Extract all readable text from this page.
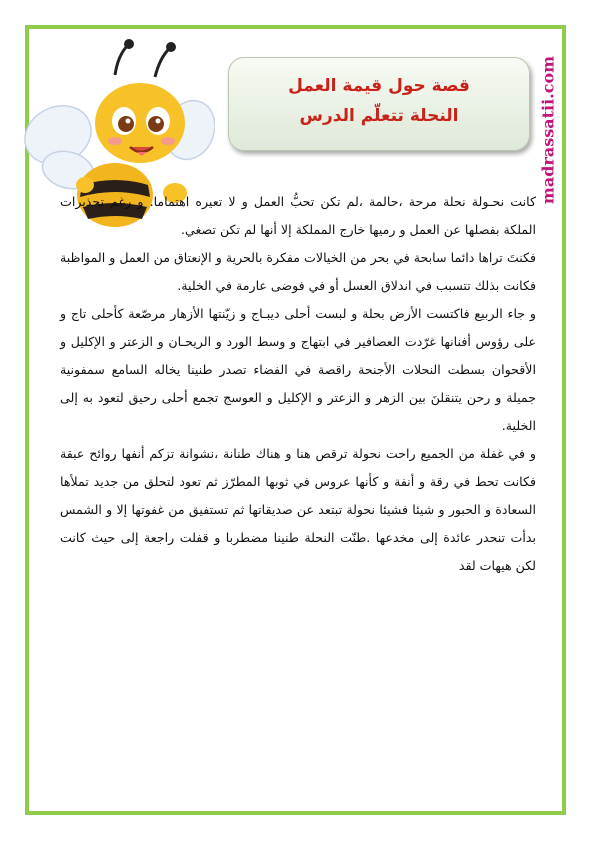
madrassatii.com
قصة حول قيمة العمل
النحلة تتعلّم الدرس

كانت نحـولة نحلة مرحة ،حالمة ،لم تكن تحبُّ العمل و لا تعيره اهتماما. و رغم تحذيرات الملكة بفصلها عن العمل و رميها خارج المملكة إلا أنها لم تكن تصغي.

فكنتَ تراها دائما سابحة في بحر من الخيالات مفكرة بالحرية و الإنعتاق من العمل و المواظبة فكانت بذلك تتسبب في اندلاق العسل أو في فوضى عارمة في الخلية.

و جاء الربيع فاكتست الأرض بحلة و لبست أحلى ديبـاج و زيّنتها الأزهار مرصّعة كأحلى تاج و على رؤوس أفنانها غرّدت العصافير في ابتهاج و وسط الورد و الريحـان و الزعتر و الإكليل و الأقحوان بسطت النحلات الأجنحة راقصة في الفضاء تصدر طنينا يخاله السامع سمفونية جميلة و رحن يتنقلنَ بين الزهر و الزعتر و الإكليل و العوسج تجمع أحلى رحيق لتعود به إلى الخلية.

و في غفلة من الجميع راحت نحولة ترقص هنا و هناك طنانة ،نشوانة تزكم أنفها روائح عبقة فكانت تحط في رقة و أنفة و كأنها عروس في ثوبها المطرّز ثم تعود لتحلق من جديد تملأها السعادة و الحبور و شيئا فشيئا نحولة تبتعد عن صديقاتها ثم تستفيق من غفوتها إلا و الشمس بدأت تنحدر عائدة إلى مخدعها .طنّت النحلة طنينا مضطربا و قفلت راجعة إلى حيث كانت لكن هيهات لقد
